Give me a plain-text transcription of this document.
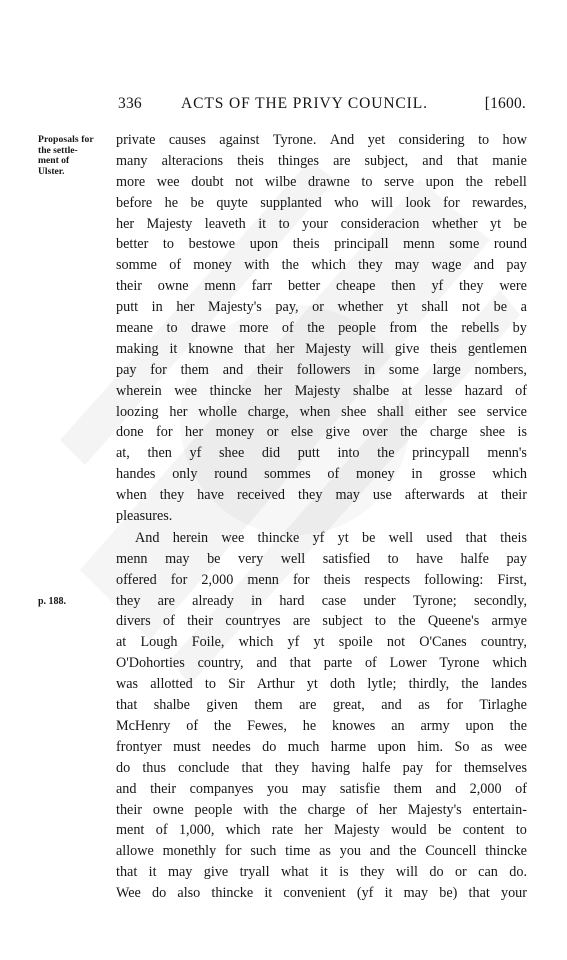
336	ACTS OF THE PRIVY COUNCIL.	[1600.
Proposals for
the settle-
ment of
Ulster.
p. 188.
private causes against Tyrone. And yet considering to how
many alteracions theis thinges are subject, and that manie
more wee doubt not wilbe drawne to serve upon the rebell
before he be quyte supplanted who will look for rewardes,
her Majesty leaveth it to your consideracion whether yt be
better to bestowe upon theis principall menn some round
somme of money with the which they may wage and pay
their owne menn farr better cheape then yf they were
putt in her Majesty's pay, or whether yt shall not be a
meane to drawe more of the people from the rebells by
making it knowne that her Majesty will give theis gentlemen
pay for them and their followers in some large nombers,
wherein wee thincke her Majesty shalbe at lesse hazard of
loozing her wholle charge, when shee shall either see service
done for her money or else give over the charge shee is
at, then yf shee did putt into the princypall menn's
handes only round sommes of money in grosse which
when they have received they may use afterwards at their
pleasures.
And herein wee thincke yf yt be well used that theis
menn may be very well satisfied to have halfe pay
offered for 2,000 menn for theis respects following: First,
they are already in hard case under Tyrone; secondly,
divers of their countryes are subject to the Queene's armye
at Lough Foile, which yf yt spoile not O'Canes country,
O'Dohorties country, and that parte of Lower Tyrone which
was allotted to Sir Arthur yt doth lytle; thirdly, the landes
that shalbe given them are great, and as for Tirlaghe
McHenry of the Fewes, he knowes an army upon the
frontyer must needes do much harme upon him. So as wee
do thus conclude that they having halfe pay for themselves
and their companyes you may satisfie them and 2,000 of
their owne people with the charge of her Majesty's entertain-
ment of 1,000, which rate her Majesty would be content to
allowe monethly for such time as you and the Councell thincke
that it may give tryall what it is they will do or can do.
Wee do also thincke it convenient (yf it may be) that your
